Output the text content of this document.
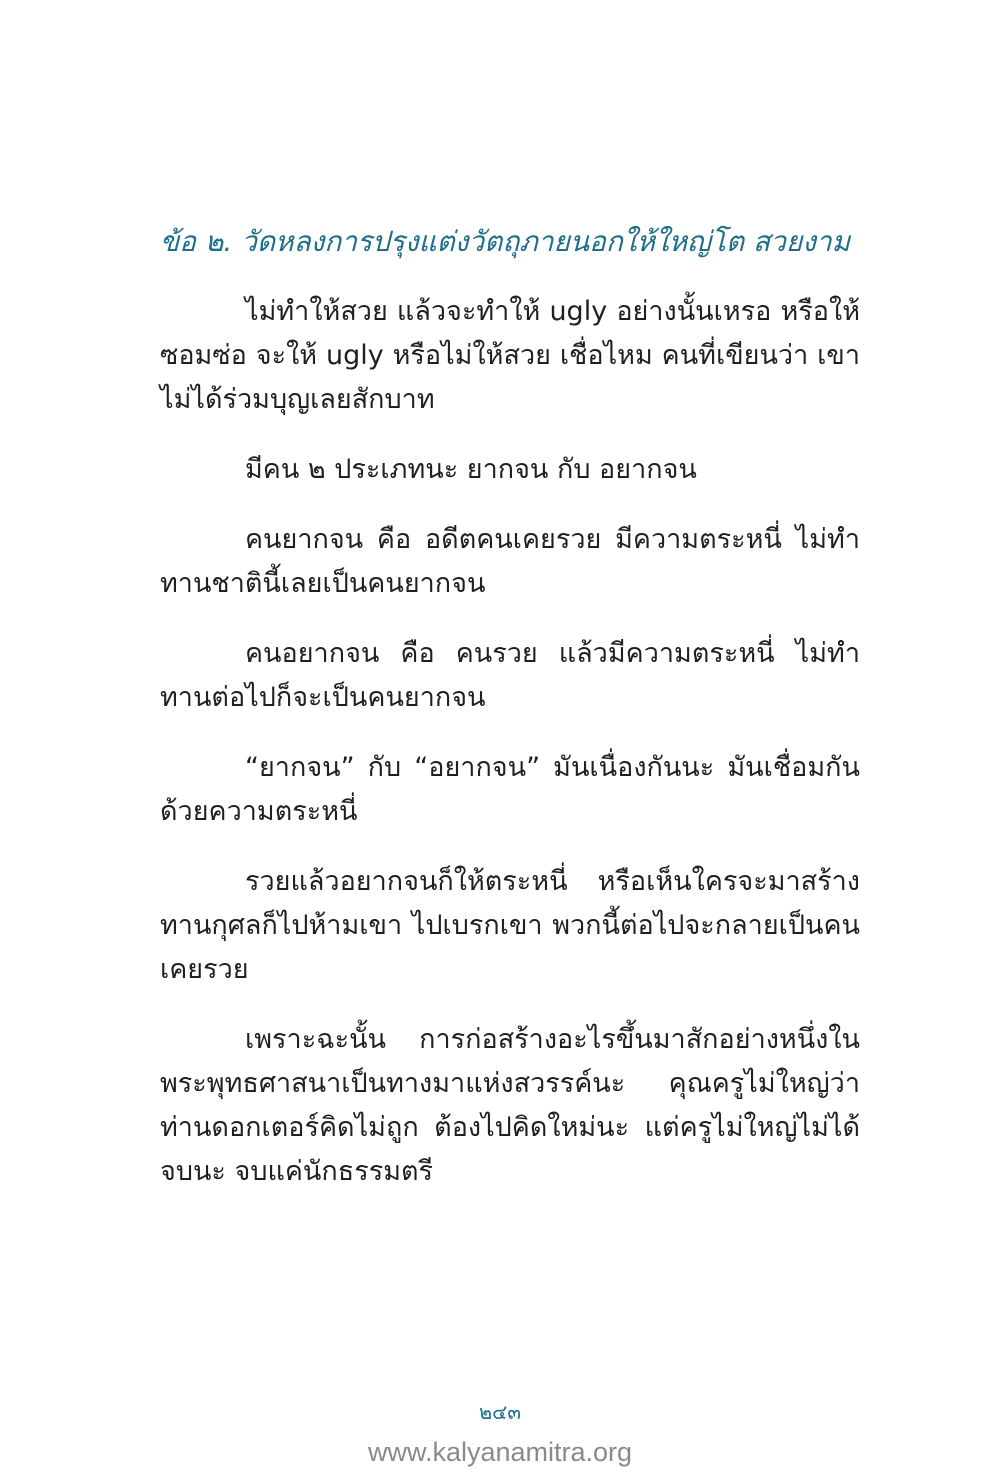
ข้อ ๒. วัดหลงการปรุงแต่งวัตถุภายนอกให้ใหญ่โต สวยงาม

ไม่ทำให้สวย แล้วจะทำให้ ugly อย่างนั้นเหรอ หรือให้ซอมซ่อ จะให้ ugly หรือไม่ให้สวย เชื่อไหม คนที่เขียนว่า เขาไม่ได้ร่วมบุญเลยสักบาท

มีคน ๒ ประเภทนะ ยากจน กับ อยากจน

คนยากจน คือ อดีตคนเคยรวย มีความตระหนี่ ไม่ทำทานชาตินี้เลยเป็นคนยากจน

คนอยากจน คือ คนรวย แล้วมีความตระหนี่ ไม่ทำทานต่อไปก็จะเป็นคนยากจน

“ยากจน” กับ “อยากจน” มันเนื่องกันนะ มันเชื่อมกันด้วยความตระหนี่

รวยแล้วอยากจนก็ให้ตระหนี่ หรือเห็นใครจะมาสร้างทานกุศลก็ไปห้ามเขา ไปเบรกเขา พวกนี้ต่อไปจะกลายเป็นคนเคยรวย

เพราะฉะนั้น การก่อสร้างอะไรขึ้นมาสักอย่างหนึ่งในพระพุทธศาสนาเป็นทางมาแห่งสวรรค์นะ คุณครูไม่ใหญ่ว่าท่านดอกเตอร์คิดไม่ถูก ต้องไปคิดใหม่นะ แต่ครูไม่ใหญ่ไม่ได้จบนะ จบแค่นักธรรมตรี

๒๔๓
www.kalyanamitra.org
